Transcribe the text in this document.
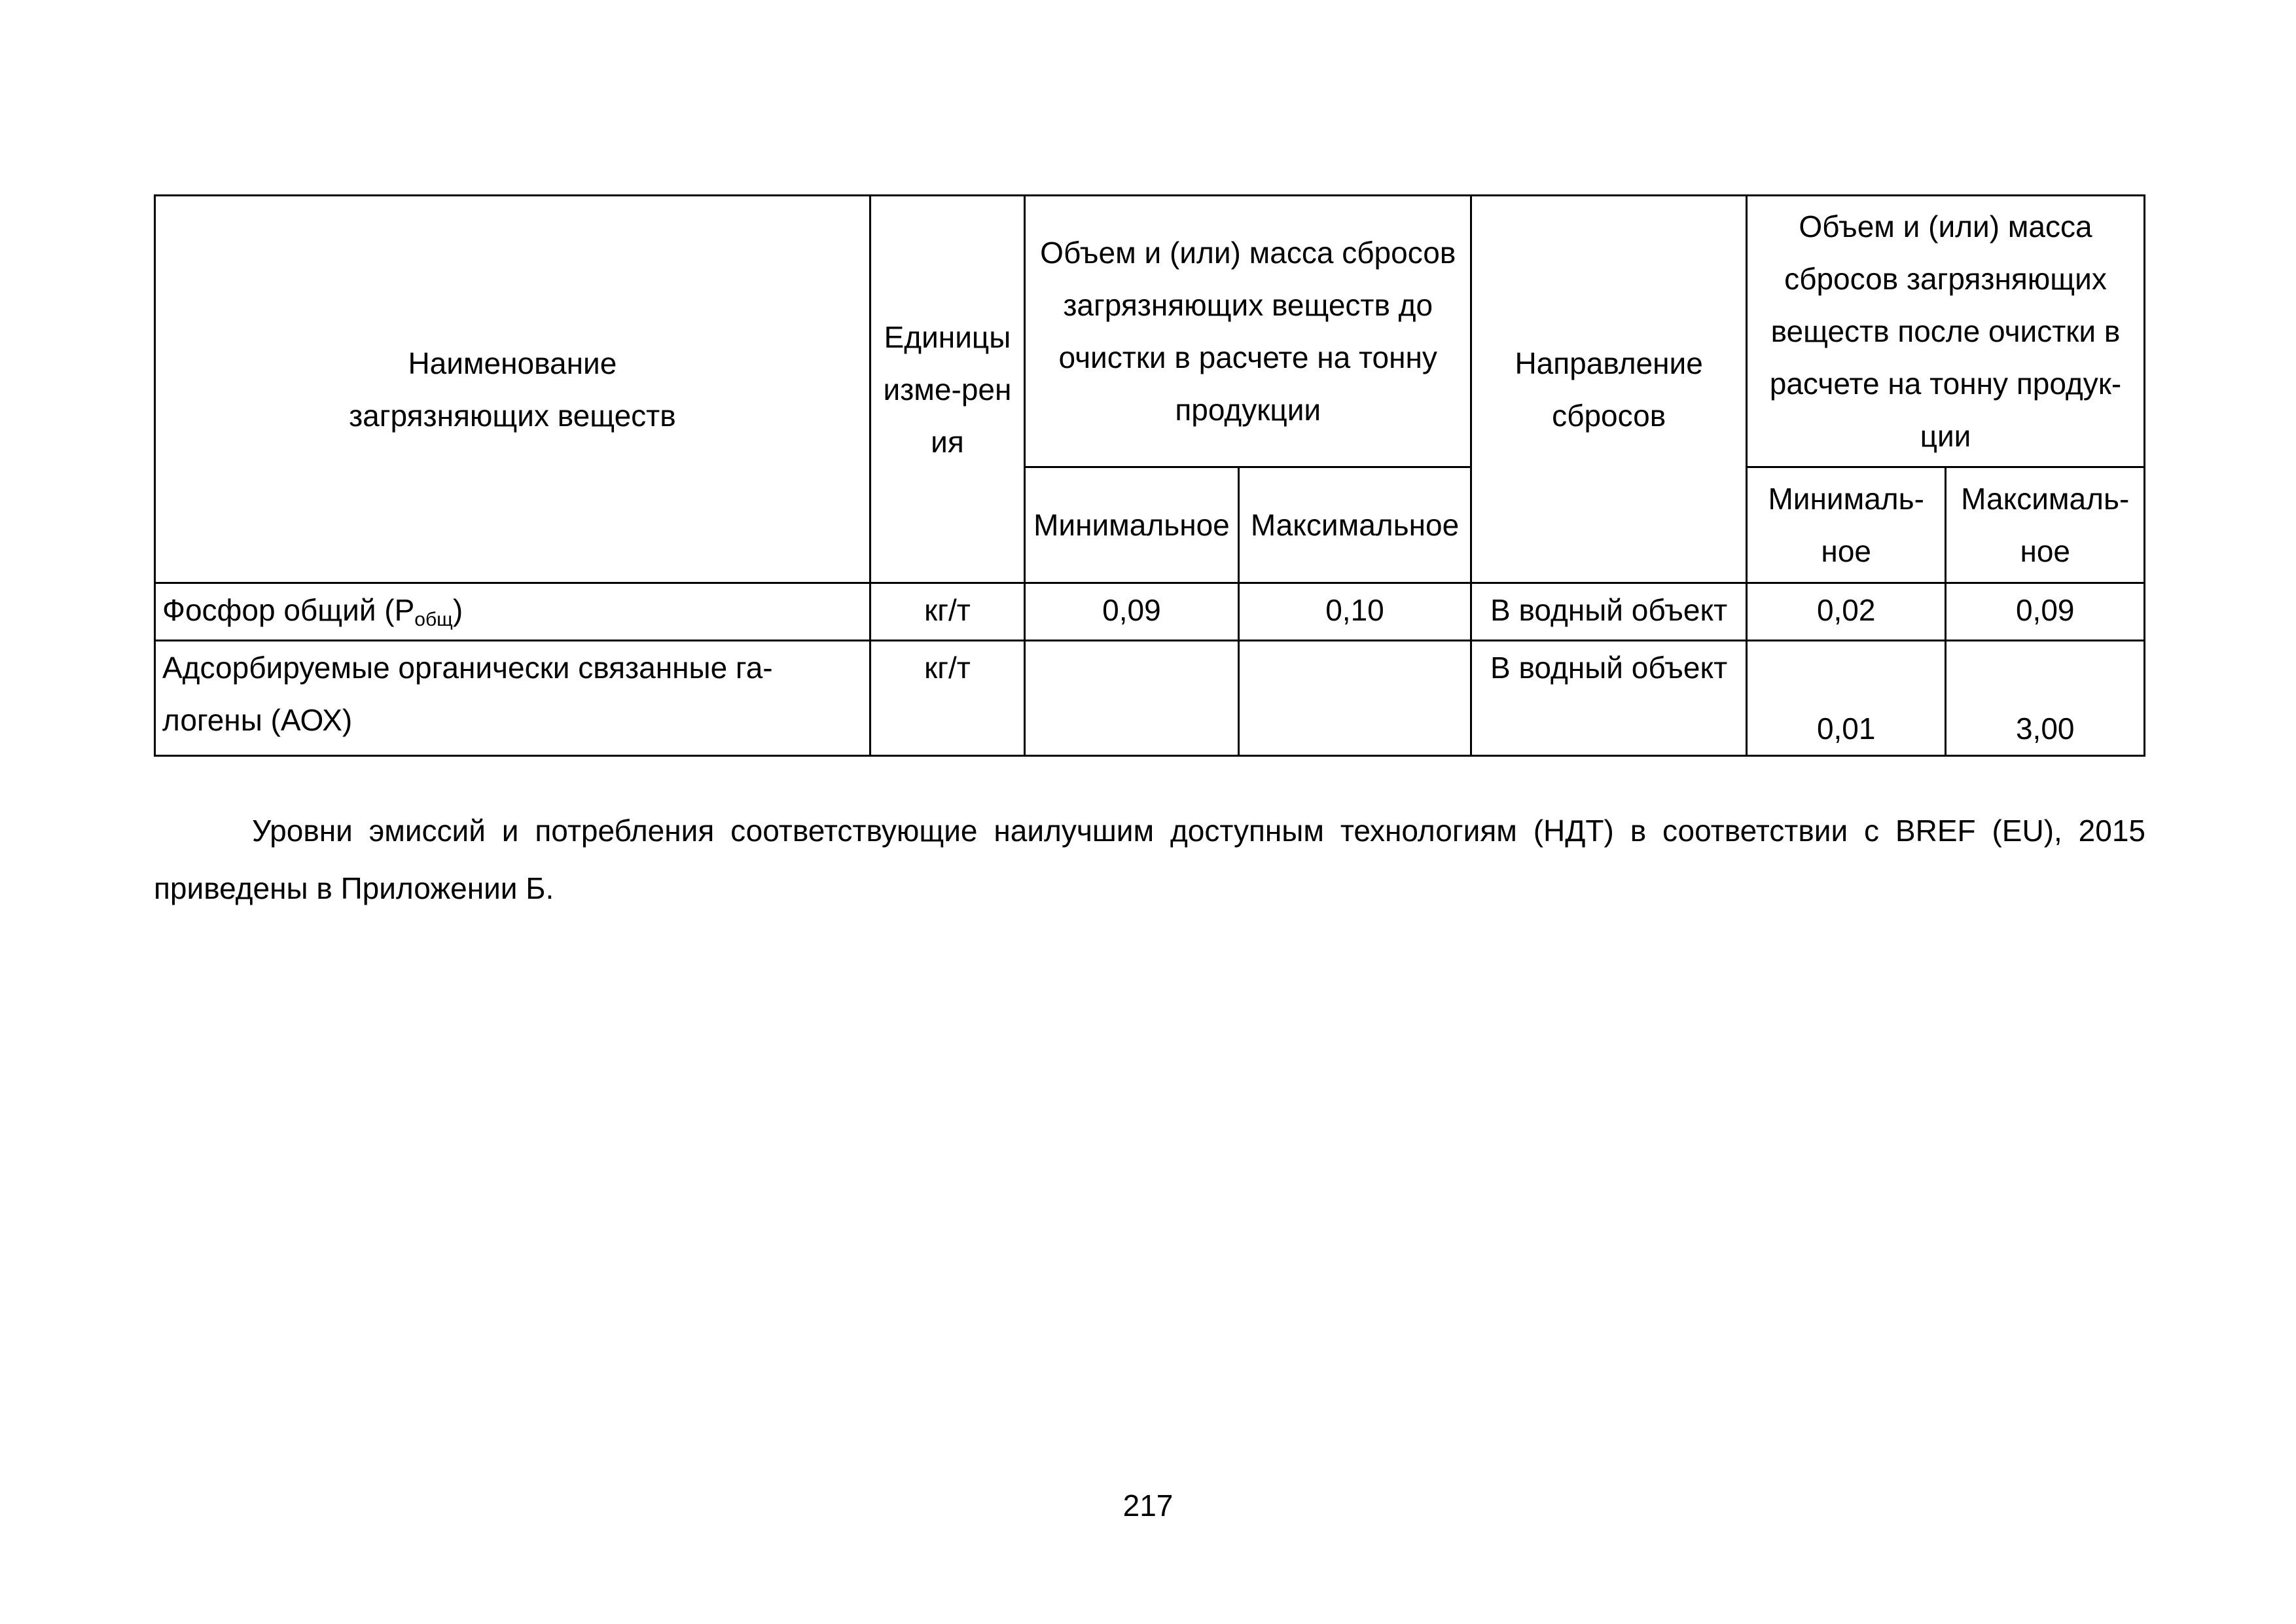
Наименование загрязняющих веществ	Единицы изме-рения	Объем и (или) масса сбросов загрязняющих веществ до очистки в расчете на тонну продукции		Направление сбросов	Объем и (или) масса сбросов загрязняющих веществ после очистки в расчете на тонну продук-ции	
		Минимальное	Максимальное		Минималь-ное	Максималь-ное
Фосфор общий $(P_{общ})$	кг/т	0,09	0,10	В водный объект	0,02	0,09
Адсорбируемые органически связанные га-логены (АОХ)	кг/т			В водный объект	0,01	3,00

Уровни эмиссий и потребления соответствующие наилучшим доступным технологиям (НДТ) в соответствии с BREF (EU), 2015 приведены в Приложении Б.

217
